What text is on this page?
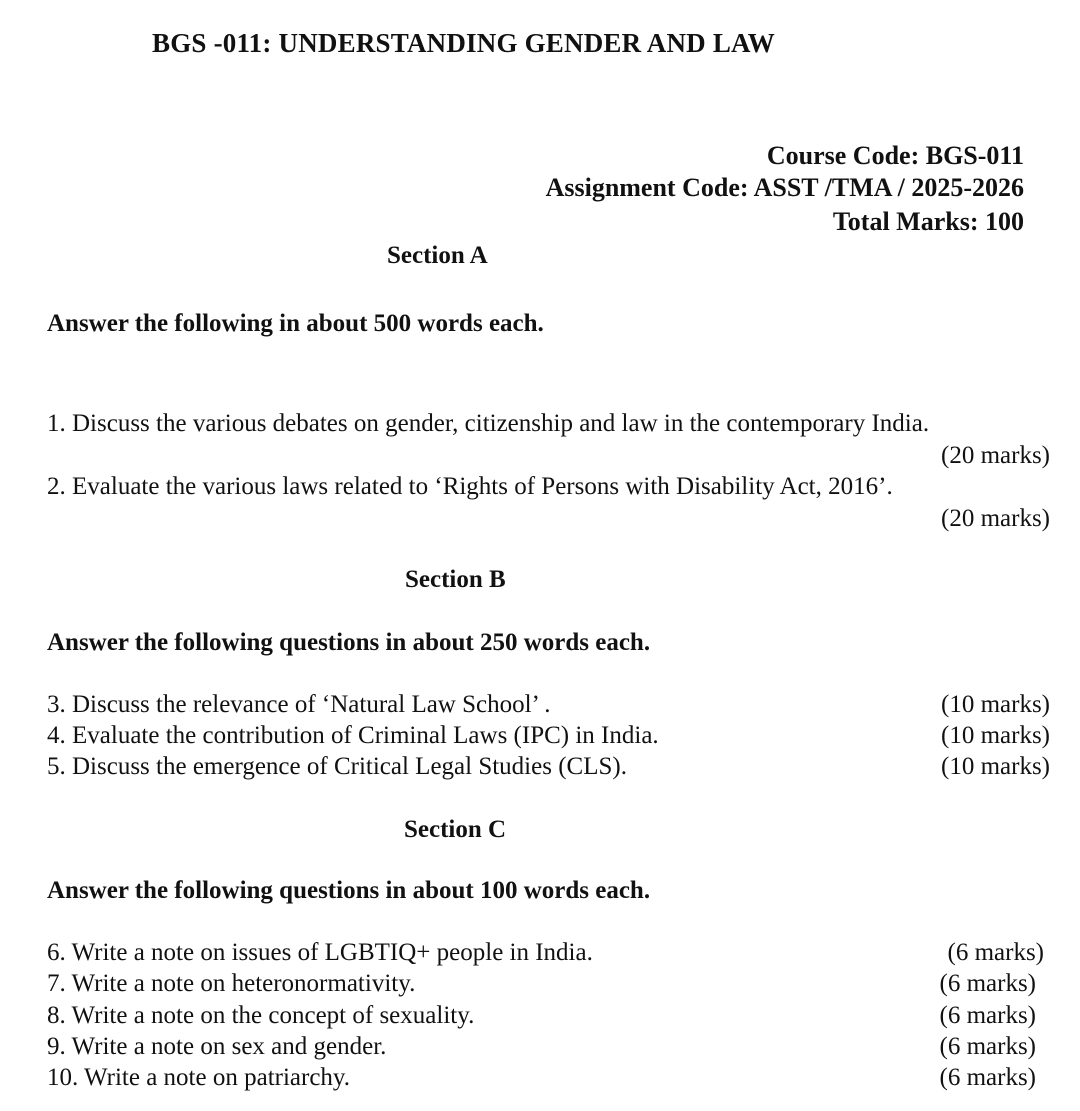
BGS -011: UNDERSTANDING GENDER AND LAW
Course Code: BGS-011
Assignment Code: ASST /TMA / 2025-2026
Total Marks: 100
Section A
Answer the following in about 500 words each.
1. Discuss the various debates on gender, citizenship and law in the contemporary India.
(20 marks)
2. Evaluate the various laws related to ‘Rights of Persons with Disability Act, 2016’.
(20 marks)
Section B
Answer the following questions in about 250 words each.
3. Discuss the relevance of ‘Natural Law School’ .	(10 marks)
4. Evaluate the contribution of Criminal Laws (IPC) in India.	(10 marks)
5. Discuss the emergence of Critical Legal Studies (CLS).	(10 marks)
Section C
Answer the following questions in about 100 words each.
6. Write a note on issues of LGBTIQ+ people in India.	(6 marks)
7. Write a note on heteronormativity.	(6 marks)
8. Write a note on the concept of sexuality.	(6 marks)
9. Write a note on sex and gender.	(6 marks)
10. Write a note on patriarchy.	(6 marks)
